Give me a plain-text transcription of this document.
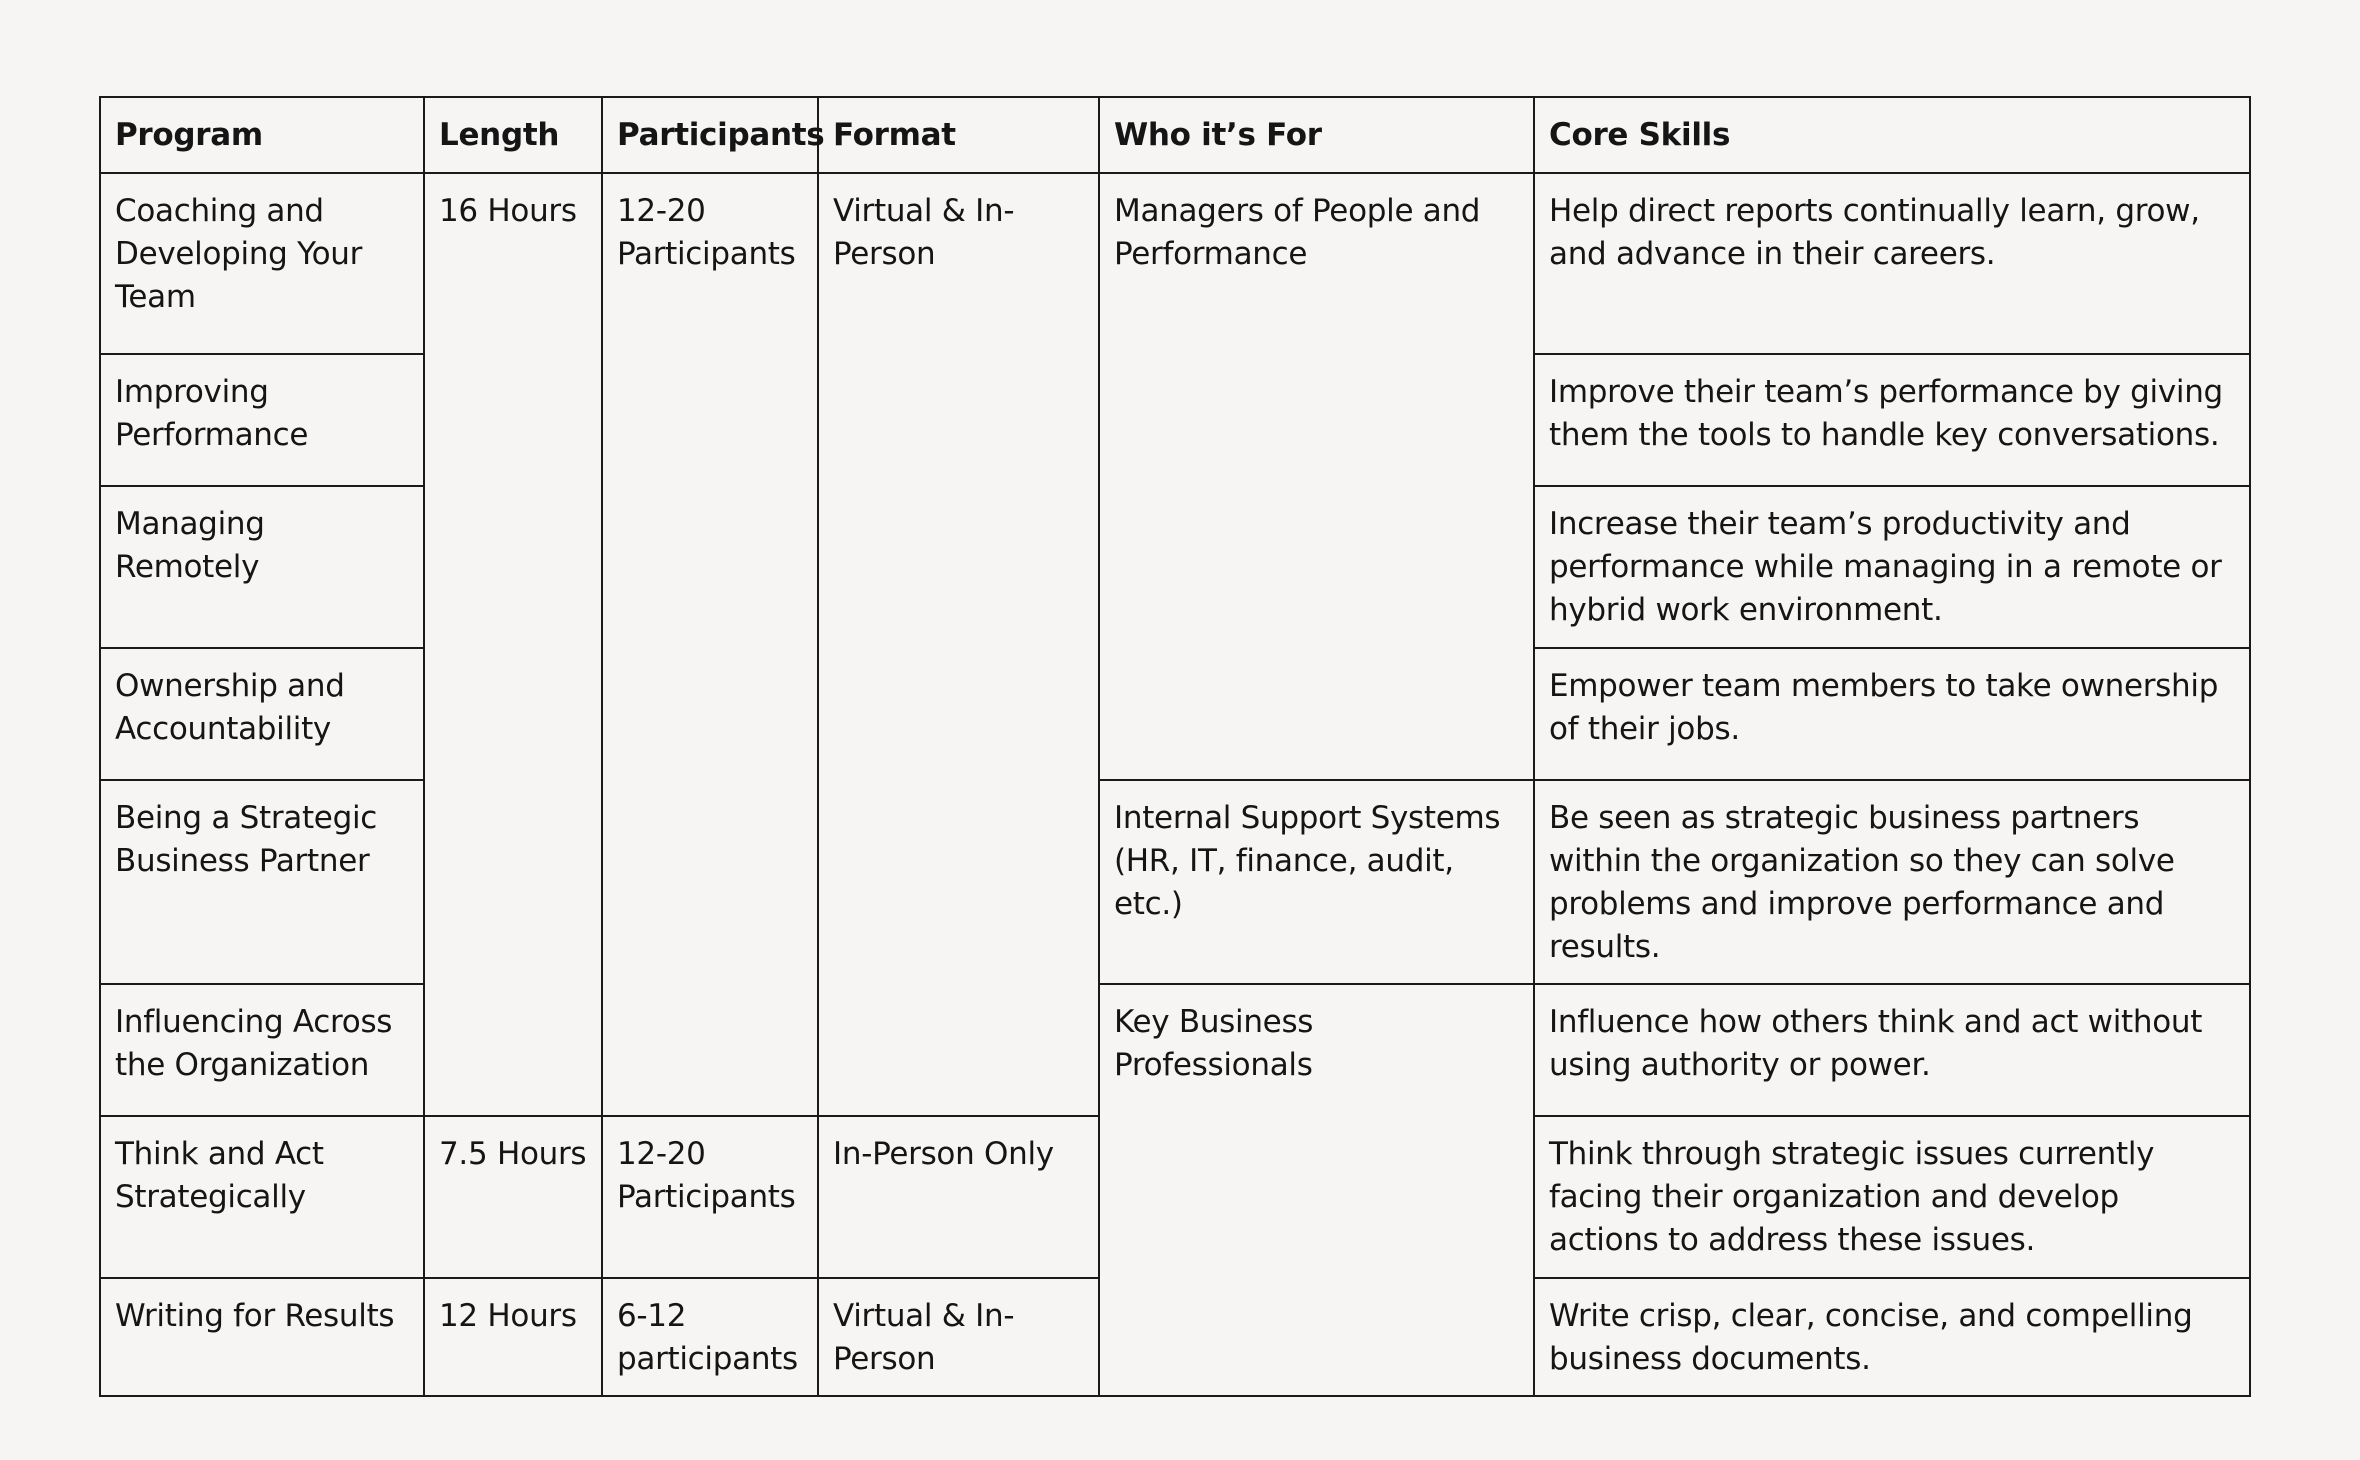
Program	Length	Participants	Format	Who it’s For	Core Skills
Coaching and Developing Your Team	16 Hours	12-20 Participants	Virtual & In-Person	Managers of People and Performance	Help direct reports continually learn, grow, and advance in their careers.
Improving Performance					Improve their team’s performance by giving them the tools to handle key conversations.
Managing Remotely					Increase their team’s productivity and performance while managing in a remote or hybrid work environment.
Ownership and Accountability					Empower team members to take ownership of their jobs.
Being a Strategic Business Partner				Internal Support Systems (HR, IT, finance, audit, etc.)	Be seen as strategic business partners within the organization so they can solve problems and improve performance and results.
Influencing Across the Organization				Key Business Professionals	Influence how others think and act without using authority or power.
Think and Act Strategically	7.5 Hours	12-20 Participants	In-Person Only		Think through strategic issues currently facing their organization and develop actions to address these issues.
Writing for Results	12 Hours	6-12 participants	Virtual & In-Person		Write crisp, clear, concise, and compelling business documents.
